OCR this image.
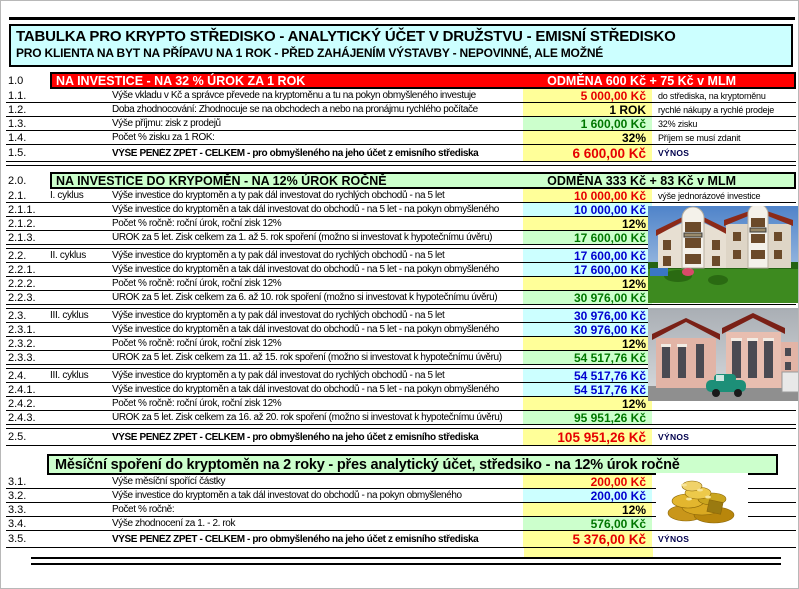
TABULKA PRO KRYPTO STŘEDISKO - ANALYTICKÝ ÚČET V DRUŽSTVU - EMISNÍ STŘEDISKO
PRO KLIENTA NA BYT NA PŘÍPAVU NA 1 ROK - PŘED ZAHÁJENÍM VÝSTAVBY - NEPOVINNÉ, ALE MOŽNÉ
1.0	NA INVESTICE - NA 32 % ÚROK ZA 1 ROK	ODMĚNA 600 Kč + 75 Kč v MLM
1.1.	Výše vkladu v Kč a správce převede na kryptoměnu a tu na pokyn obmyšleného investuje	5 000,00 Kč	do střediska, na kryptoměnu
1.2.	Doba zhodnocování: Zhodnocuje se na obchodech a nebo na pronájmu rychlého počítače	1 ROK	rychlé nákupy a rychlé prodeje
1.3.	Výše příjmu: zisk z prodejů	1 600,00 Kč	32% zisku
1.4.	Počet % zisku za 1 ROK:	32%	Příjem se musí zdanit
1.5.	VÝŠE PENĚZ ZPĚT - CELKEM - pro obmyšleného na jeho účet z emisního střediska	6 600,00 Kč	VÝNOS
2.0.	NA INVESTICE DO KRYPOMĚN - NA 12% ÚROK ROČNĚ	ODMĚNA 333 Kč + 83 Kč v MLM
2.1.	I. cyklus	Výše investice do kryptoměn a ty pak dál investovat do rychlých obchodů - na 5 let	10 000,00 Kč	výše jednorázové investice
2.1.1.	Výše investice do kryptoměn a tak dál investovat do obchodů - na 5 let - na pokyn obmyšleného	10 000,00 Kč
2.1.2.	Počet % ročně: roční úrok, roční zisk 12%	12%
2.1.3.	ÚROK za 5 let. Zisk celkem za 1. až 5. rok spoření (možno si investovat k hypotečnímu úvěru)	17 600,00 Kč
2.2.	II. cyklus	Výše investice do kryptoměn a ty pak dál investovat do rychlých obchodů - na 5 let	17 600,00 Kč
2.2.1.	Výše investice do kryptoměn a tak dál investovat do obchodů - na 5 let - na pokyn obmyšleného	17 600,00 Kč
2.2.2.	Počet % ročně: roční úrok, roční zisk 12%	12%
2.2.3.	ÚROK za 5 let. Zisk celkem za 6. až 10. rok spoření (možno si investovat k hypotečnímu úvěru)	30 976,00 Kč
2.3.	III. cyklus	Výše investice do kryptoměn a ty pak dál investovat do rychlých obchodů - na 5 let	30 976,00 Kč
2.3.1.	Výše investice do kryptoměn a tak dál investovat do obchodů - na 5 let - na pokyn obmyšleného	30 976,00 Kč
2.3.2.	Počet % ročně: roční úrok, roční zisk 12%	12%
2.3.3.	ÚROK za 5 let. Zisk celkem za 11. až 15. rok spoření (možno si investovat k hypotečnímu úvěru)	54 517,76 Kč
2.4.	III. cyklus	Výše investice do kryptoměn a ty pak dál investovat do rychlých obchodů - na 5 let	54 517,76 Kč
2.4.1.	Výše investice do kryptoměn a tak dál investovat do obchodů - na 5 let - na pokyn obmyšleného	54 517,76 Kč
2.4.2.	Počet % ročně: roční úrok, roční zisk 12%	12%
2.4.3.	ÚROK za 5 let. Zisk celkem za 16. až 20. rok spoření (možno si investovat k hypotečnímu úvěru)	95 951,26 Kč
2.5.	VÝŠE PENĚZ ZPĚT - CELKEM - pro obmyšleného na jeho účet z emisního střediska	105 951,26 Kč	VÝNOS
Měsíční spoření do kryptoměn na 2 roky - přes analytický účet, středsiko - na 12% úrok ročně
3.1.	Výše měsíční spořící částky	200,00 Kč
3.2.	Výše investice do kryptoměn a tak dál investovat do obchodů - na pokyn obmyšleného	200,00 Kč
3.3.	Počet % ročně:	12%
3.4.	Výše zhodnocení za 1. - 2. rok	576,00 Kč
3.5.	VÝŠE PENĚZ ZPĚT - CELKEM - pro obmyšleného na jeho účet z emisního střediska	5 376,00 Kč	VÝNOS
